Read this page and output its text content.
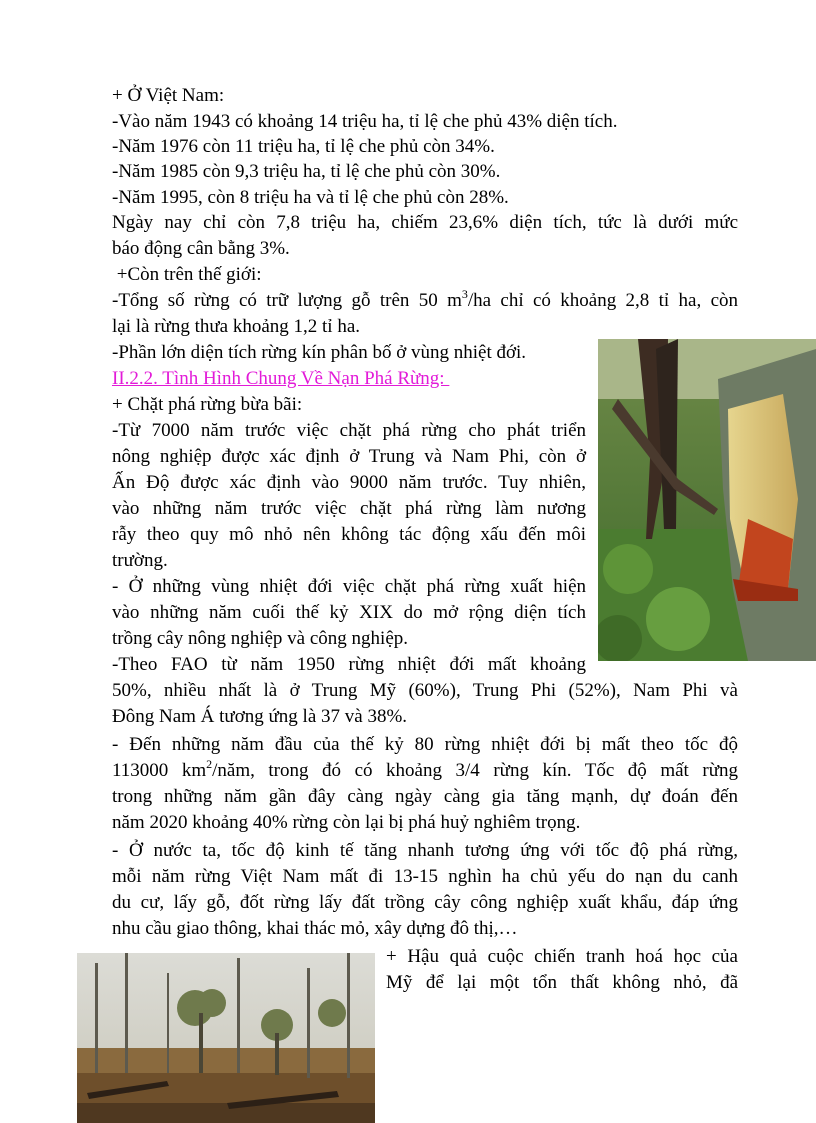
+ Ở Việt Nam:
-Vào năm 1943 có khoảng 14 triệu ha, tỉ lệ che phủ 43% diện tích.
-Năm 1976 còn 11 triệu ha, tỉ lệ che phủ còn 34%.
-Năm 1985 còn 9,3 triệu ha, tỉ lệ che phủ còn 30%.
-Năm 1995, còn 8 triệu ha và tỉ lệ che phủ còn 28%.
Ngày nay chỉ còn 7,8 triệu ha, chiếm 23,6% diện tích, tức là dưới mức
báo động cân bằng 3%.
+Còn trên thế giới:
-Tổng số rừng có trữ lượng gỗ trên 50 $m^3/ha$ chỉ có khoảng 2,8 tỉ ha, còn
lại là rừng thưa khoảng 1,2 tỉ ha.
-Phần lớn diện tích rừng kín phân bố ở vùng nhiệt đới.
II.2.2. Tình Hình Chung Về Nạn Phá Rừng:
+ Chặt phá rừng bừa bãi:
-Từ 7000 năm trước việc chặt phá rừng cho phát triển
nông nghiệp được xác định ở Trung và Nam Phi, còn ở
Ấn Độ được xác định vào 9000 năm trước. Tuy nhiên,
vào những năm trước việc chặt phá rừng làm nương
rẫy theo quy mô nhỏ nên không tác động xấu đến môi
trường.
- Ở những vùng nhiệt đới việc chặt phá rừng xuất hiện
vào những năm cuối thế kỷ XIX do mở rộng diện tích
trồng cây nông nghiệp và công nghiệp.
-Theo FAO từ năm 1950 rừng nhiệt đới mất khoảng
50%, nhiều nhất là ở Trung Mỹ (60%), Trung Phi (52%), Nam Phi và
Đông Nam Á tương ứng là 37 và 38%.
- Đến những năm đầu của thế kỷ 80 rừng nhiệt đới bị mất theo tốc độ
113000 $km^2$/năm, trong đó có khoảng 3/4 rừng kín. Tốc độ mất rừng
trong những năm gần đây càng ngày càng gia tăng mạnh, dự đoán đến
năm 2020 khoảng 40% rừng còn lại bị phá huỷ nghiêm trọng.
- Ở nước ta, tốc độ kinh tế tăng nhanh tương ứng với tốc độ phá rừng,
mỗi năm rừng Việt Nam mất đi 13-15 nghìn ha chủ yếu do nạn du canh
du cư, lấy gỗ, đốt rừng lấy đất trồng cây công nghiệp xuất khẩu, đáp ứng
nhu cầu giao thông, khai thác mỏ, xây dựng đô thị,…
+ Hậu quả cuộc chiến tranh hoá học của
Mỹ để lại một tổn thất không nhỏ, đã
